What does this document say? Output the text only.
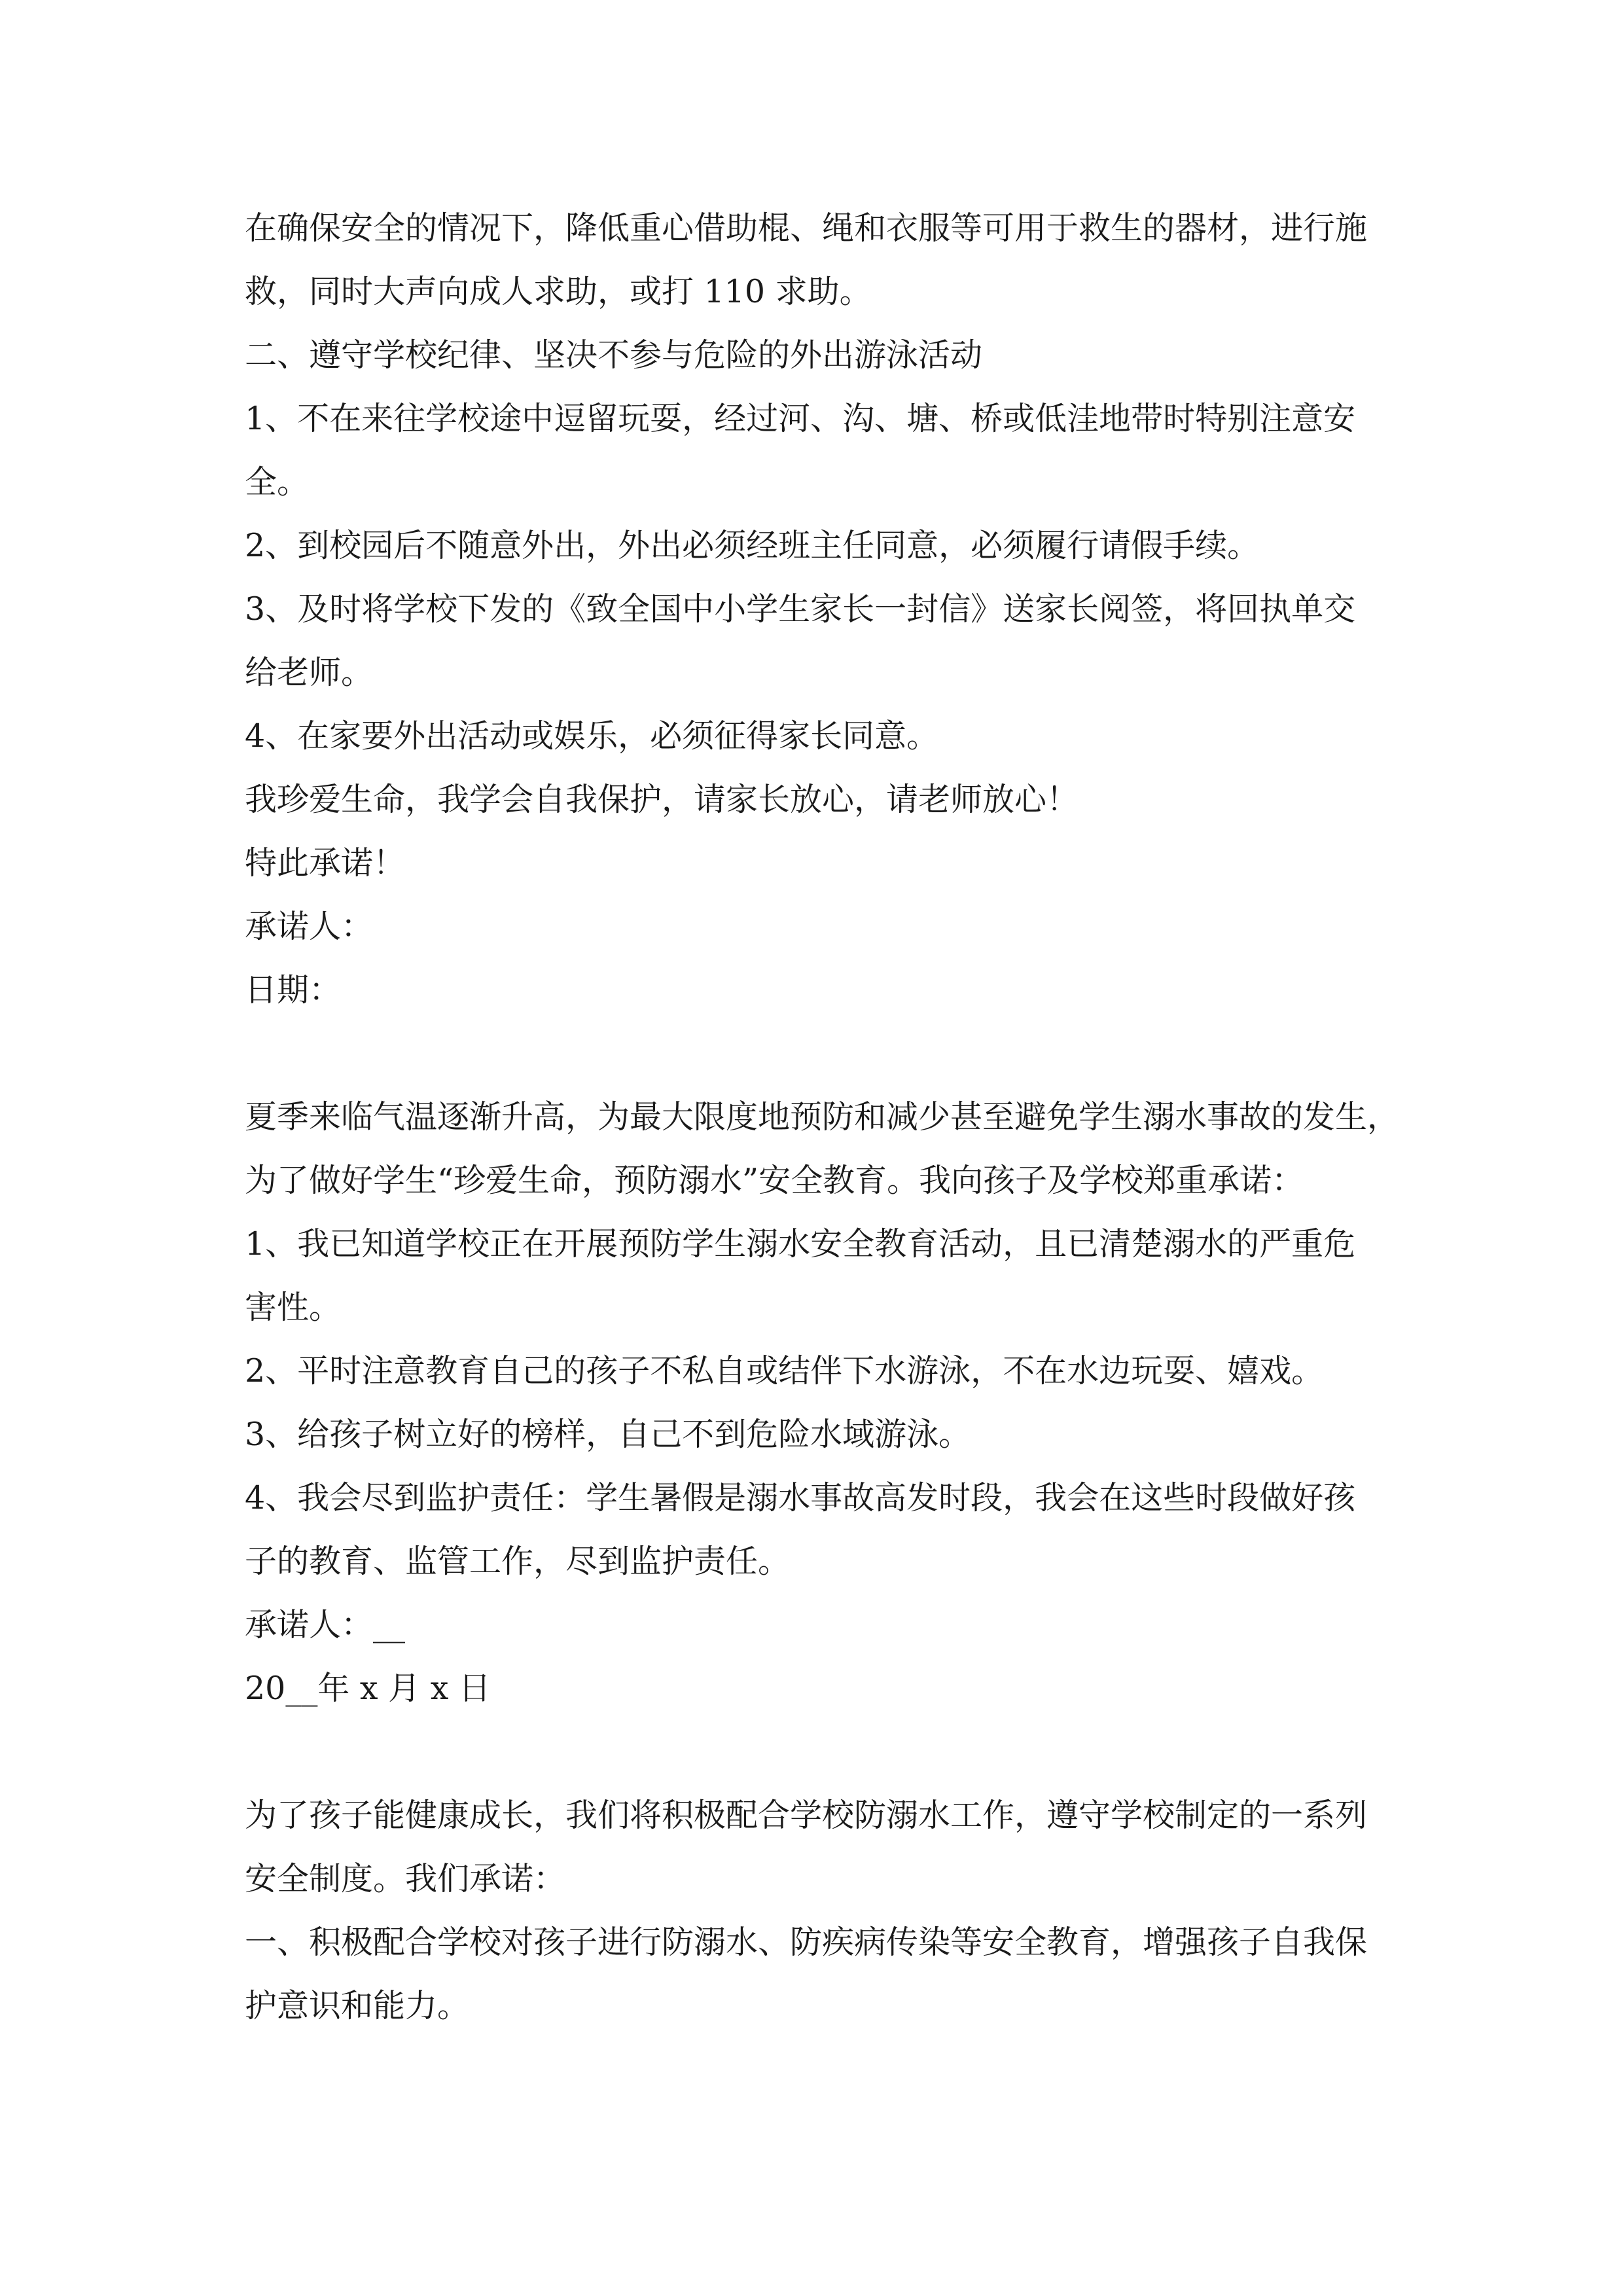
在确保安全的情况下，降低重心借助棍、绳和衣服等可用于救生的器材，进行施
救，同时大声向成人求助，或打 110 求助。
二、遵守学校纪律、坚决不参与危险的外出游泳活动
1、不在来往学校途中逗留玩耍，经过河、沟、塘、桥或低洼地带时特别注意安
全。
2、到校园后不随意外出，外出必须经班主任同意，必须履行请假手续。
3、及时将学校下发的《致全国中小学生家长一封信》送家长阅签，将回执单交
给老师。
4、在家要外出活动或娱乐，必须征得家长同意。
我珍爱生命，我学会自我保护，请家长放心，请老师放心！
特此承诺！
承诺人：
日期：
夏季来临气温逐渐升高，为最大限度地预防和减少甚至避免学生溺水事故的发生，
为了做好学生“珍爱生命，预防溺水”安全教育。我向孩子及学校郑重承诺：
1、我已知道学校正在开展预防学生溺水安全教育活动，且已清楚溺水的严重危
害性。
2、平时注意教育自己的孩子不私自或结伴下水游泳，不在水边玩耍、嬉戏。
3、给孩子树立好的榜样，自己不到危险水域游泳。
4、我会尽到监护责任：学生暑假是溺水事故高发时段，我会在这些时段做好孩
子的教育、监管工作，尽到监护责任。
承诺人：__
20__年 x 月 x 日
为了孩子能健康成长，我们将积极配合学校防溺水工作，遵守学校制定的一系列
安全制度。我们承诺：
一、积极配合学校对孩子进行防溺水、防疾病传染等安全教育，增强孩子自我保
护意识和能力。
